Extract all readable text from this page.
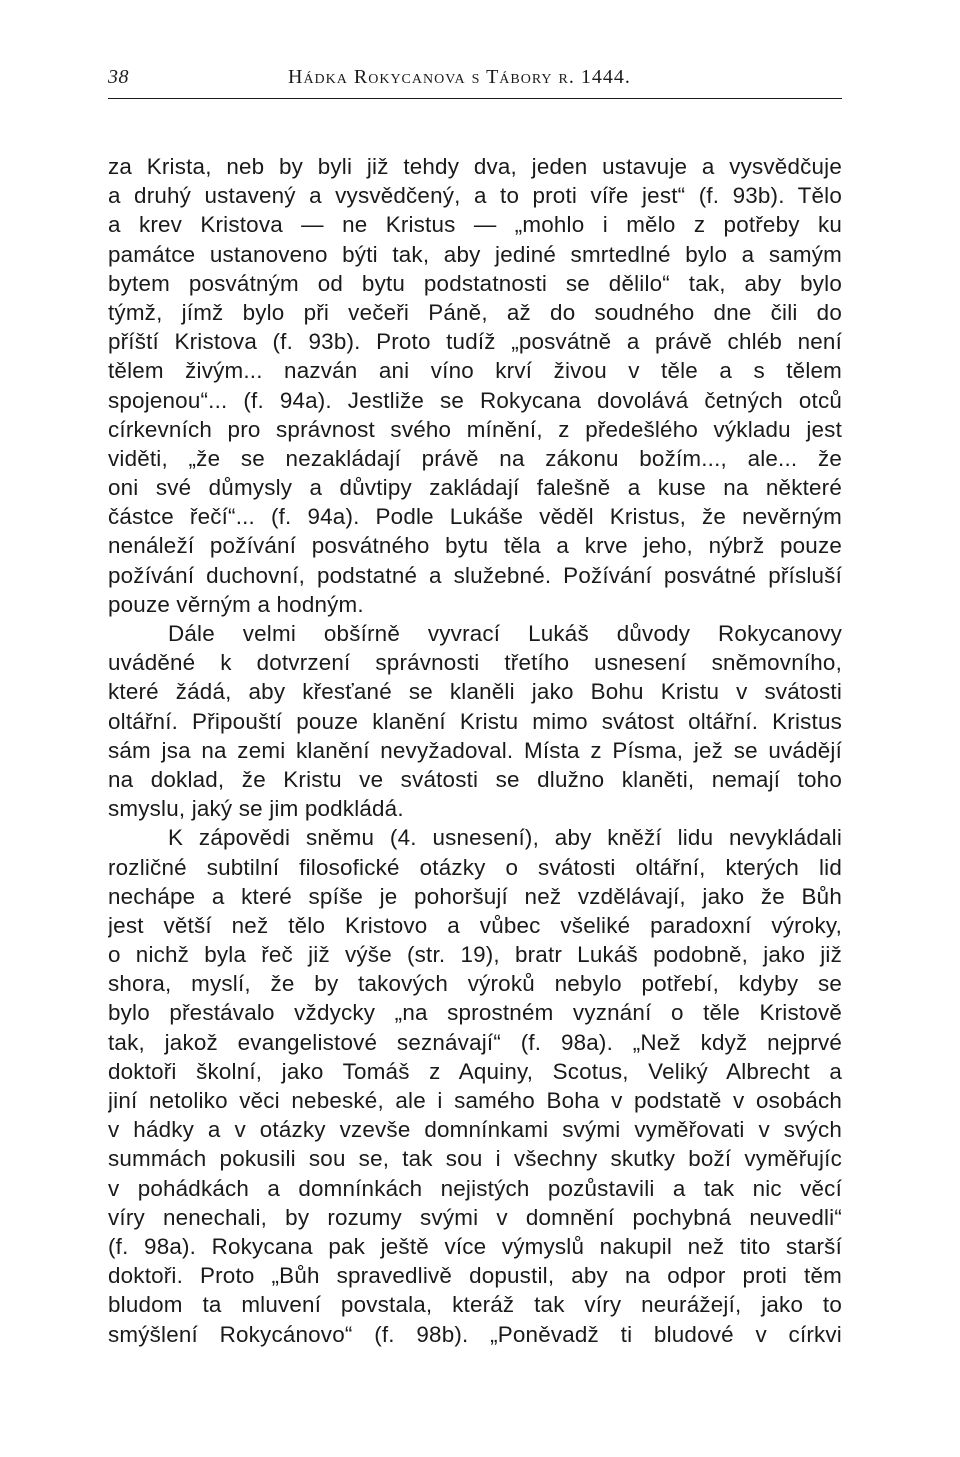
38	Hádka Rokycanova s Tábory r. 1444.
za Krista, neb by byli již tehdy dva, jeden ustavuje a vysvědčuje
a druhý ustavený a vysvědčený, a to proti víře jest“ (f. 93b). Tělo
a krev Kristova — ne Kristus — „mohlo i mělo z potřeby ku
památce ustanoveno býti tak, aby jediné smrtedlné bylo a samým
bytem posvátným od bytu podstatnosti se dělilo“ tak, aby bylo
týmž, jímž bylo při večeři Páně, až do soudného dne čili do
příští Kristova (f. 93b). Proto tudíž „posvátně a právě chléb není
tělem živým... nazván ani víno krví živou v těle a s tělem
spojenou“... (f. 94a). Jestliže se Rokycana dovolává četných otců
církevních pro správnost svého mínění, z předešlého výkladu jest
viděti, „že se nezakládají právě na zákonu božím..., ale... že
oni své důmysly a důvtipy zakládají falešně a kuse na některé
částce řečí“... (f. 94a). Podle Lukáše věděl Kristus, že nevěrným
nenáleží požívání posvátného bytu těla a krve jeho, nýbrž pouze
požívání duchovní, podstatné a služebné. Požívání posvátné přísluší
pouze věrným a hodným.
Dále velmi obšírně vyvrací Lukáš důvody Rokycanovy
uváděné k dotvrzení správnosti třetího usnesení sněmovního,
které žádá, aby křesťané se klaněli jako Bohu Kristu v svátosti
oltářní. Připouští pouze klanění Kristu mimo svátost oltářní. Kristus
sám jsa na zemi klanění nevyžadoval. Místa z Písma, jež se uvádějí
na doklad, že Kristu ve svátosti se dlužno klaněti, nemají toho
smyslu, jaký se jim podkládá.
K zápovědi sněmu (4. usnesení), aby kněží lidu nevykládali
rozličné subtilní filosofické otázky o svátosti oltářní, kterých lid
nechápe a které spíše je pohoršují než vzdělávají, jako že Bůh
jest větší než tělo Kristovo a vůbec všeliké paradoxní výroky,
o nichž byla řeč již výše (str. 19), bratr Lukáš podobně, jako již
shora, myslí, že by takových výroků nebylo potřebí, kdyby se
bylo přestávalo vždycky „na sprostném vyznání o těle Kristově
tak, jakož evangelistové seznávají“ (f. 98a). „Než když nejprvé
doktoři školní, jako Tomáš z Aquiny, Scotus, Veliký Albrecht a
jiní netoliko věci nebeské, ale i samého Boha v podstatě v osobách
v hádky a v otázky vzevše domnínkami svými vyměřovati v svých
summách pokusili sou se, tak sou i všechny skutky boží vyměřujíc
v pohádkách a domnínkách nejistých pozůstavili a tak nic věcí
víry nenechali, by rozumy svými v domnění pochybná neuvedli“
(f. 98a). Rokycana pak ještě více výmyslů nakupil než tito starší
doktoři. Proto „Bůh spravedlivě dopustil, aby na odpor proti těm
bludom ta mluvení povstala, kteráž tak víry neurážejí, jako to
smýšlení Rokycánovo“ (f. 98b). „Poněvadž ti bludové v církvi
